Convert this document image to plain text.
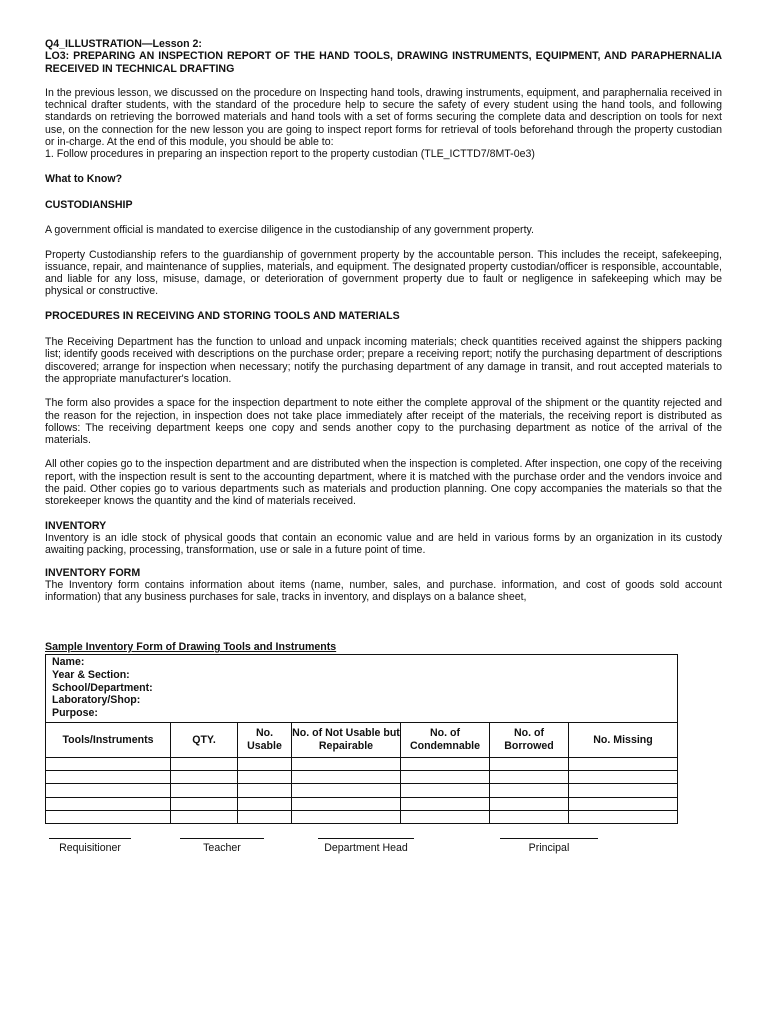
Q4_ILLUSTRATION—Lesson 2:
LO3: PREPARING AN INSPECTION REPORT OF THE HAND TOOLS, DRAWING INSTRUMENTS, EQUIPMENT, AND PARAPHERNALIA RECEIVED IN TECHNICAL DRAFTING

In the previous lesson, we discussed on the procedure on Inspecting hand tools, drawing instruments, equipment, and paraphernalia received in technical drafter students, with the standard of the procedure help to secure the safety of every student using the hand tools, and following standards on retrieving the borrowed materials and hand tools with a set of forms securing the complete data and description on tools for next use, on the connection for the new lesson you are going to inspect report forms for retrieval of tools beforehand through the property custodian or in-charge. At the end of this module, you should be able to:

1. Follow procedures in preparing an inspection report to the property custodian (TLE_ICTTD7/8MT-0e3)
What to Know?
CUSTODIANSHIP

A government official is mandated to exercise diligence in the custodianship of any government property.

Property Custodianship refers to the guardianship of government property by the accountable person. This includes the receipt, safekeeping, issuance, repair, and maintenance of supplies, materials, and equipment. The designated property custodian/officer is responsible, accountable, and liable for any loss, misuse, damage, or deterioration of government property due to fault or negligence in safekeeping which may be physical or constructive.

PROCEDURES IN RECEIVING AND STORING TOOLS AND MATERIALS

The Receiving Department has the function to unload and unpack incoming materials; check quantities received against the shippers packing list; identify goods received with descriptions on the purchase order; prepare a receiving report; notify the purchasing department of descriptions discovered; arrange for inspection when necessary; notify the purchasing department of any damage in transit, and rout accepted materials to the appropriate manufacturer's location.

The form also provides a space for the inspection department to note either the complete approval of the shipment or the quantity rejected and the reason for the rejection, in inspection does not take place immediately after receipt of the materials, the receiving report is distributed as follows: The receiving department keeps one copy and sends another copy to the purchasing department as notice of the arrival of the materials.

All other copies go to the inspection department and are distributed when the inspection is completed. After inspection, one copy of the receiving report, with the inspection result is sent to the accounting department, where it is matched with the purchase order and the vendors invoice and the paid. Other copies go to various departments such as materials and production planning. One copy accompanies the materials so that the storekeeper knows the quantity and the kind of materials received.

INVENTORY

Inventory is an idle stock of physical goods that contain an economic value and are held in various forms by an organization in its custody awaiting packing, processing, transformation, use or sale in a future point of time.

INVENTORY FORM

The Inventory form contains information about items (name, number, sales, and purchase. information, and cost of goods sold account information) that any business purchases for sale, tracks in inventory, and displays on a balance sheet,

Sample Inventory Form of Drawing Tools and Instruments
Name:
Year & Section:
School/Department:
Laboratory/Shop:
Purpose:						

Tools/Instruments	QTY.	No. Usable	No. of Not Usable but Repairable	No. of Condemnable	No. of Borrowed	No. Missing

Requisitioner	Teacher	Department Head	Principal
